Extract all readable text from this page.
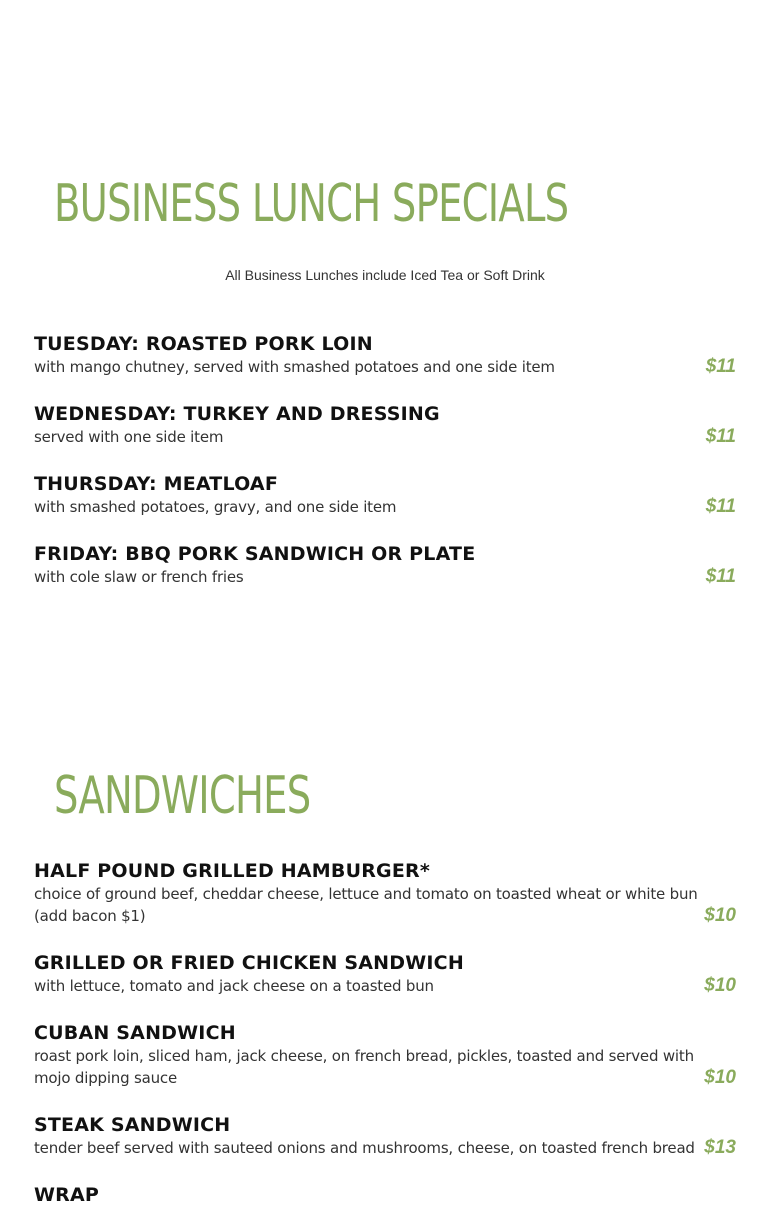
BUSINESS LUNCH SPECIALS
All Business Lunches include Iced Tea or Soft Drink
TUESDAY: ROASTED PORK LOIN
with mango chutney, served with smashed potatoes and one side item	$11
WEDNESDAY: TURKEY AND DRESSING
served with one side item	$11
THURSDAY: MEATLOAF
with smashed potatoes, gravy, and one side item	$11
FRIDAY: BBQ PORK SANDWICH OR PLATE
with cole slaw or french fries	$11
SANDWICHES
HALF POUND GRILLED HAMBURGER*
choice of ground beef, cheddar cheese, lettuce and tomato on toasted wheat or white bun (add bacon $1)	$10
GRILLED OR FRIED CHICKEN SANDWICH
with lettuce, tomato and jack cheese on a toasted bun	$10
CUBAN SANDWICH
roast pork loin, sliced ham, jack cheese, on french bread, pickles, toasted and served with mojo dipping sauce	$10
STEAK SANDWICH
tender beef served with sauteed onions and mushrooms, cheese, on toasted french bread $13
WRAP
